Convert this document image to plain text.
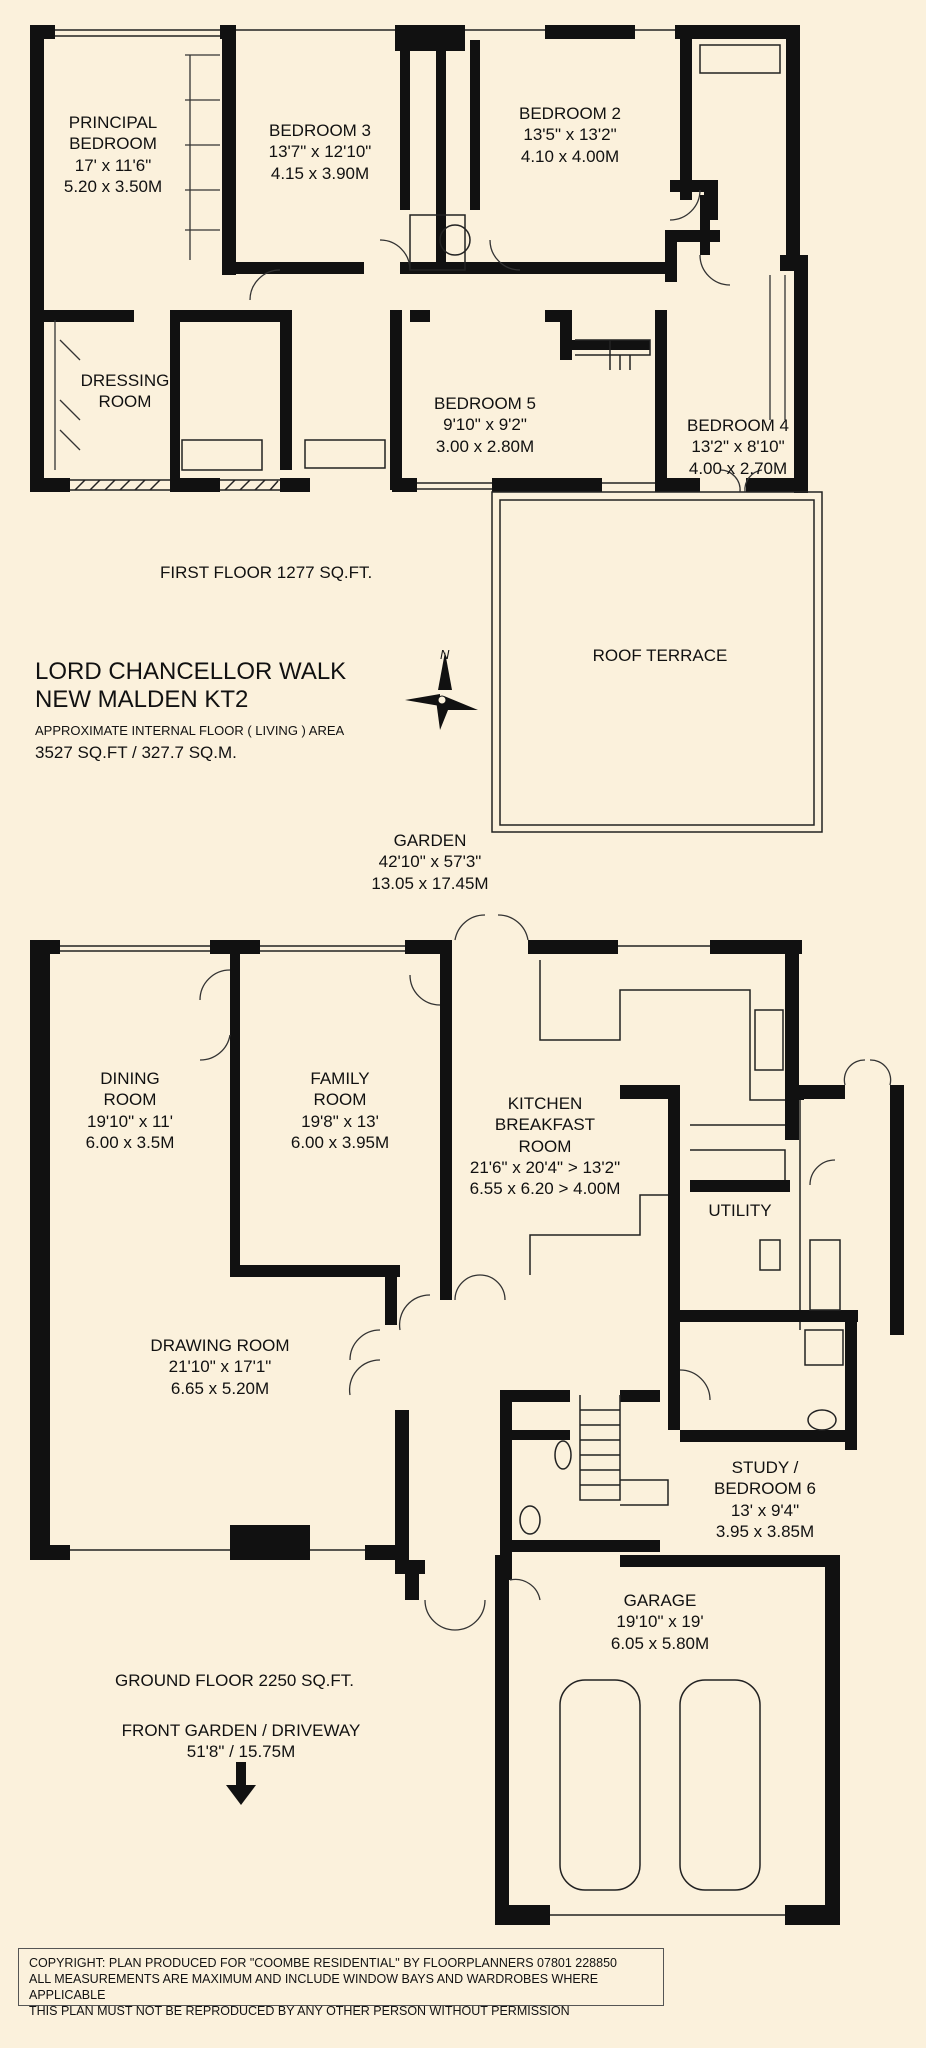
PRINCIPAL
BEDROOM
17' x 11'6"
5.20 x 3.50M
BEDROOM 3
13'7" x 12'10"
4.15 x 3.90M
BEDROOM 2
13'5" x 13'2"
4.10 x 4.00M
DRESSING
ROOM	BEDROOM 5
9'10" x 9'2"
3.00 x 2.80M
BEDROOM 4
13'2" x 8'10"
4.00 x 2.70M
ROOF TERRACE
FIRST FLOOR 1277 SQ.FT.
LORD CHANCELLOR WALK
NEW MALDEN KT2
APPROXIMATE INTERNAL FLOOR ( LIVING ) AREA
3527 SQ.FT / 327.7 SQ.M.
N
GARDEN
42'10" x 57'3"
13.05 x 17.45M
DINING
ROOM
19'10" x 11'
6.00 x 3.5M
FAMILY
ROOM
19'8" x 13'
6.00 x 3.95M
KITCHEN
BREAKFAST
ROOM
21'6" x 20'4" > 13'2"
6.55 x 6.20 > 4.00M
UTILITY
DRAWING ROOM
21'10" x 17'1"
6.65 x 5.20M
STUDY /
BEDROOM 6
13' x 9'4"
3.95 x 3.85M
GARAGE
19'10" x 19'
6.05 x 5.80M
GROUND FLOOR 2250 SQ.FT.
FRONT GARDEN / DRIVEWAY
51'8" / 15.75M
COPYRIGHT: PLAN PRODUCED FOR "COOMBE RESIDENTIAL" BY FLOORPLANNERS 07801 228850
ALL MEASUREMENTS ARE MAXIMUM AND INCLUDE WINDOW BAYS AND WARDROBES WHERE APPLICABLE
THIS PLAN MUST NOT BE REPRODUCED BY ANY OTHER PERSON WITHOUT PERMISSION
